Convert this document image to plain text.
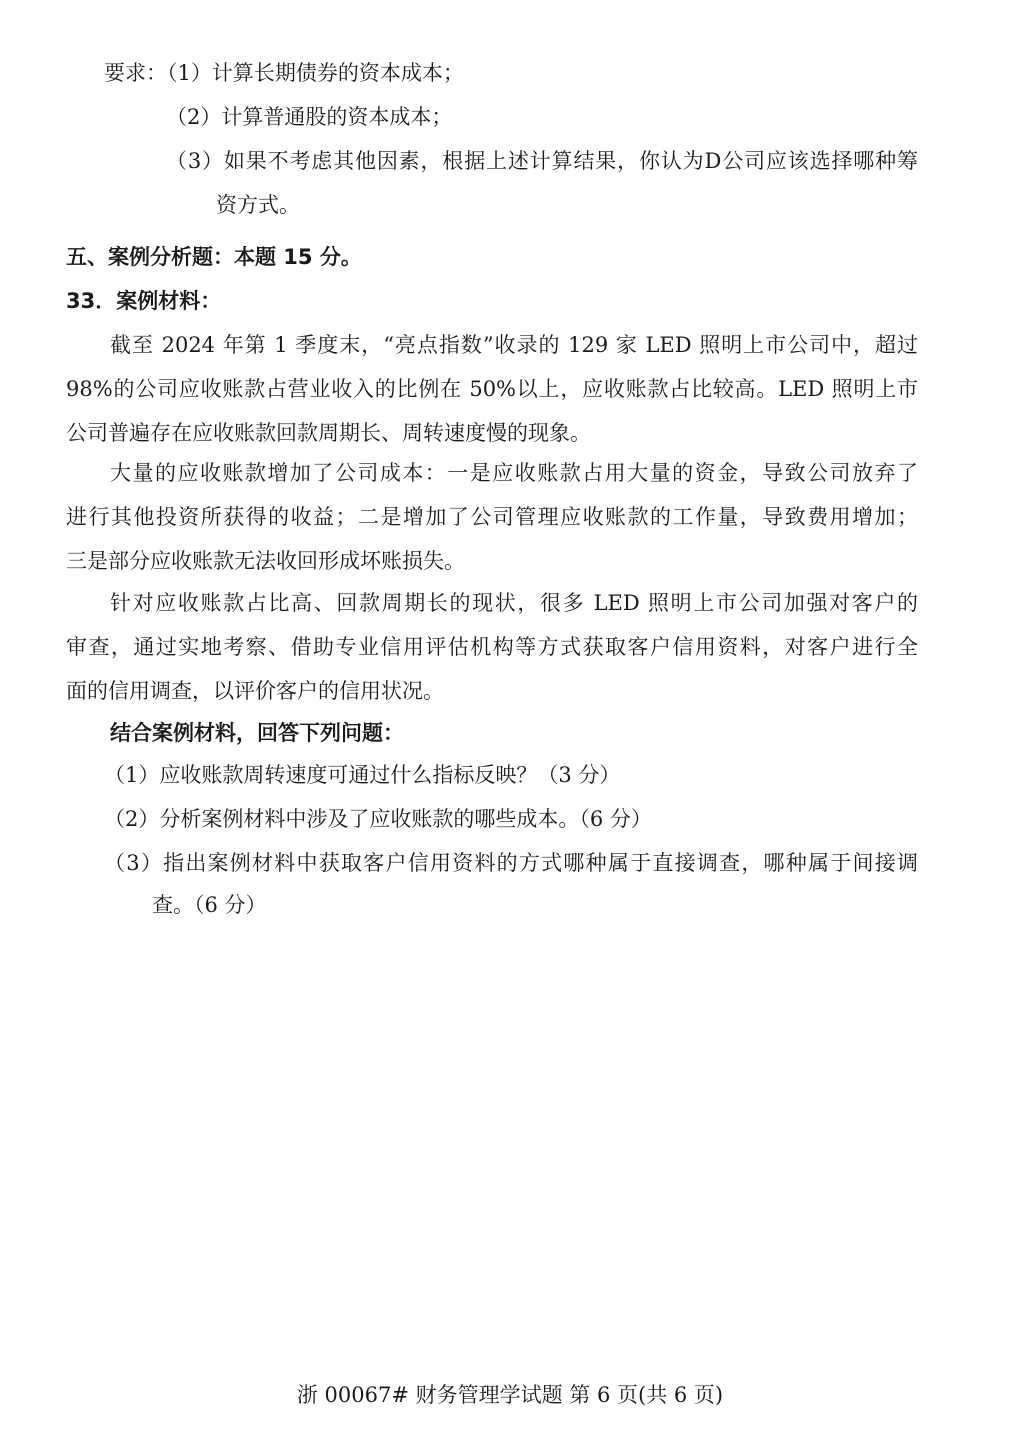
要求：（1）计算长期债券的资本成本；
（2）计算普通股的资本成本；
（3）如果不考虑其他因素，根据上述计算结果，你认为D公司应该选择哪种筹
资方式。
五、案例分析题：本题 15 分。
33．案例材料：
截至 2024 年第 1 季度末，“亮点指数”收录的 129 家 LED 照明上市公司中，超过
98%的公司应收账款占营业收入的比例在 50%以上，应收账款占比较高。LED 照明上市
公司普遍存在应收账款回款周期长、周转速度慢的现象。
大量的应收账款增加了公司成本：一是应收账款占用大量的资金，导致公司放弃了
进行其他投资所获得的收益；二是增加了公司管理应收账款的工作量，导致费用增加；
三是部分应收账款无法收回形成坏账损失。
针对应收账款占比高、回款周期长的现状，很多 LED 照明上市公司加强对客户的
审查，通过实地考察、借助专业信用评估机构等方式获取客户信用资料，对客户进行全
面的信用调查，以评价客户的信用状况。
结合案例材料，回答下列问题：
（1）应收账款周转速度可通过什么指标反映？（3 分）
（2）分析案例材料中涉及了应收账款的哪些成本。（6 分）
（3）指出案例材料中获取客户信用资料的方式哪种属于直接调查，哪种属于间接调
查。（6 分）
浙 00067# 财务管理学试题 第 6 页(共 6 页)
